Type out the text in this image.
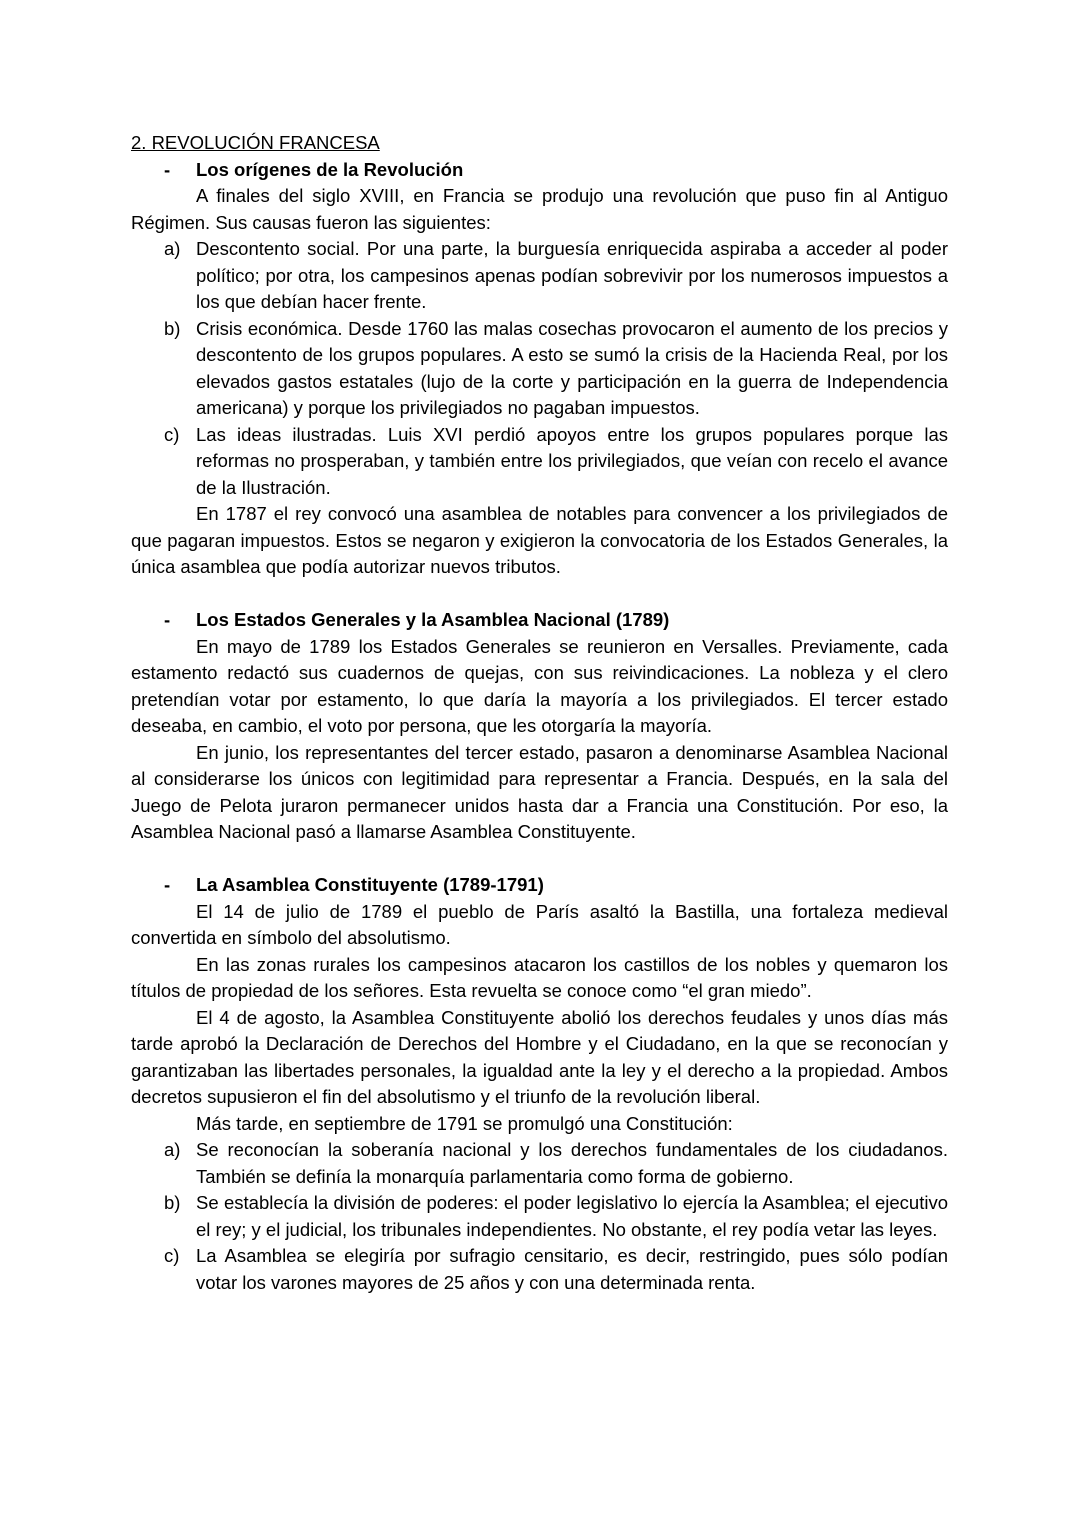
2. REVOLUCIÓN FRANCESA
- Los orígenes de la Revolución
A finales del siglo XVIII, en Francia se produjo una revolución que puso fin al Antiguo Régimen. Sus causas fueron las siguientes:
a) Descontento social. Por una parte, la burguesía enriquecida aspiraba a acceder al poder político; por otra, los campesinos apenas podían sobrevivir por los numerosos impuestos a los que debían hacer frente.
b) Crisis económica. Desde 1760 las malas cosechas provocaron el aumento de los precios y descontento de los grupos populares. A esto se sumó la crisis de la Hacienda Real, por los elevados gastos estatales (lujo de la corte y participación en la guerra de Independencia americana) y porque los privilegiados no pagaban impuestos.
c) Las ideas ilustradas. Luis XVI perdió apoyos entre los grupos populares porque las reformas no prosperaban, y también entre los privilegiados, que veían con recelo el avance de la Ilustración.
En 1787 el rey convocó una asamblea de notables para convencer a los privilegiados de que pagaran impuestos. Estos se negaron y exigieron la convocatoria de los Estados Generales, la única asamblea que podía autorizar nuevos tributos.
- Los Estados Generales y la Asamblea Nacional (1789)
En mayo de 1789 los Estados Generales se reunieron en Versalles. Previamente, cada estamento redactó sus cuadernos de quejas, con sus reivindicaciones. La nobleza y el clero pretendían votar por estamento, lo que daría la mayoría a los privilegiados. El tercer estado deseaba, en cambio, el voto por persona, que les otorgaría la mayoría.
En junio, los representantes del tercer estado, pasaron a denominarse Asamblea Nacional al considerarse los únicos con legitimidad para representar a Francia. Después, en la sala del Juego de Pelota juraron permanecer unidos hasta dar a Francia una Constitución. Por eso, la Asamblea Nacional pasó a llamarse Asamblea Constituyente.
- La Asamblea Constituyente (1789-1791)
El 14 de julio de 1789 el pueblo de París asaltó la Bastilla, una fortaleza medieval convertida en símbolo del absolutismo.
En las zonas rurales los campesinos atacaron los castillos de los nobles y quemaron los títulos de propiedad de los señores. Esta revuelta se conoce como “el gran miedo”.
El 4 de agosto, la Asamblea Constituyente abolió los derechos feudales y unos días más tarde aprobó la Declaración de Derechos del Hombre y el Ciudadano, en la que se reconocían y garantizaban las libertades personales, la igualdad ante la ley y el derecho a la propiedad. Ambos decretos supusieron el fin del absolutismo y el triunfo de la revolución liberal.
Más tarde, en septiembre de 1791 se promulgó una Constitución:
a) Se reconocían la soberanía nacional y los derechos fundamentales de los ciudadanos. También se definía la monarquía parlamentaria como forma de gobierno.
b) Se establecía la división de poderes: el poder legislativo lo ejercía la Asamblea; el ejecutivo el rey; y el judicial, los tribunales independientes. No obstante, el rey podía vetar las leyes.
c) La Asamblea se elegiría por sufragio censitario, es decir, restringido, pues sólo podían votar los varones mayores de 25 años y con una determinada renta.
